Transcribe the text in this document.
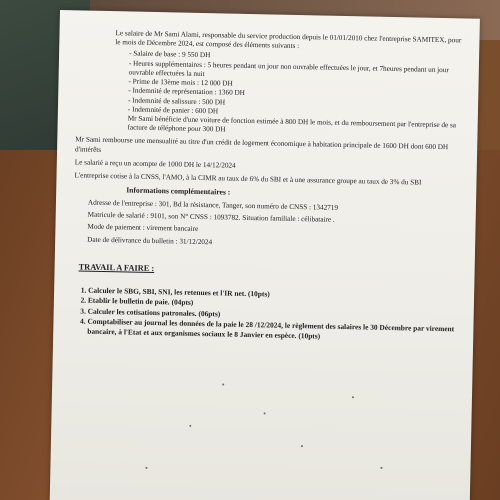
Le salaire de Mr Sami Alami, responsable du service production depuis le 01/01/2010 chez l'entreprise SAMITEX, pour le mois de Décembre 2024, est composé des éléments suivants :

- Salaire de base : 9 550 DH
- Heures supplémentaires : 5 heures pendant un jour non ouvrable effectuées le jour, et 7heures pendant un jour ouvrable effectuées la nuit
- Prime de 13ème mois : 12 000 DH
- Indemnité de représentation : 1360 DH
- Indemnité de salissure : 500 DH
- Indemnité de panier : 600 DH

Mr Sami bénéficie d'une voiture de fonction estimée à 800 DH le mois, et du remboursement par l'entreprise de sa facture de téléphone pour 300 DH

Mr Sami rembourse une mensualité au titre d'un crédit de logement économique à habitation principale de 1600 DH dont 600 DH d'intérêts

Le salarié a reçu un acompte de 1000 DH le 14/12/2024

L'entreprise cotise à la CNSS, l'AMO, à la CIMR au taux de 6% du SBI et à une assurance groupe au taux de 3% du SBI

Informations complémentaires :
Adresse de l'entreprise : 301, Bd la résistance, Tanger, son numéro de CNSS : 1342719
Matricule de salarié : 9101, son N° CNSS : 1093782. Situation familiale : célibataire .
Mode de paiement : virement bancaire
Date de délivrance du bulletin : 31/12/2024
TRAVAIL A FAIRE :
1. Calculer le SBG, SBI, SNI, les retenues et l'IR net. (10pts)
2. Etablir le bulletin de paie. (04pts)
3. Calculer les cotisations patronales. (06pts)
4. Comptabiliser au journal les données de la paie le 28 /12/2024, le règlement des salaires le 30 Décembre par virement bancaire, à l'Etat et aux organismes sociaux le 8 Janvier en espèce. (10pts)
